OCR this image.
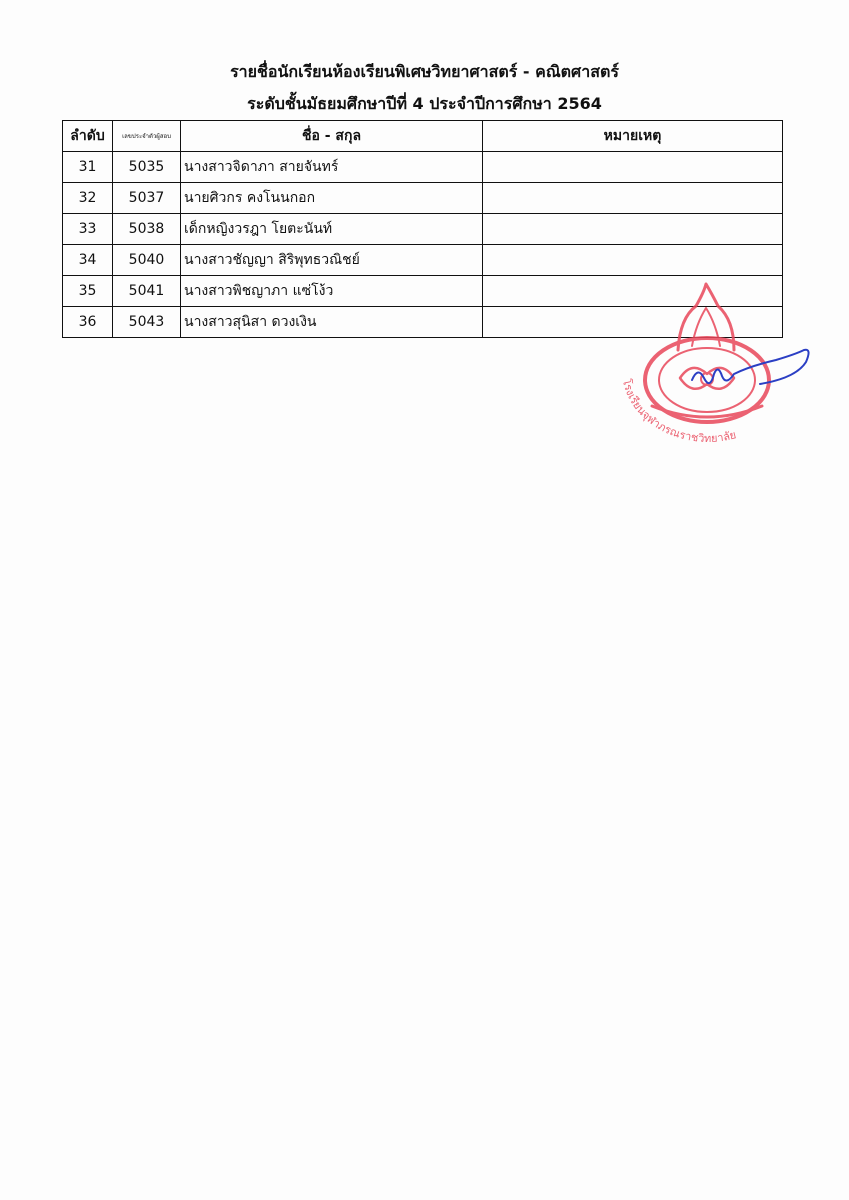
รายชื่อนักเรียนห้องเรียนพิเศษวิทยาศาสตร์ - คณิตศาสตร์
ระดับชั้นมัธยมศึกษาปีที่ 4 ประจำปีการศึกษา 2564
ลำดับ	เลขประจำตัวผู้สอบ	ชื่อ - สกุล	หมายเหตุ
31	5035	นางสาวจิดาภา สายจันทร์	
32	5037	นายศิวกร คงโนนกอก	
33	5038	เด็กหญิงวรฎา โยตะนันท์	
34	5040	นางสาวชัญญา สิริพุทธวณิชย์	
35	5041	นางสาวพิชญาภา แซ่โง้ว	
36	5043	นางสาวสุนิสา ดวงเงิน	
โรงเรียนจุฬาภรณราชวิทยาลัย
